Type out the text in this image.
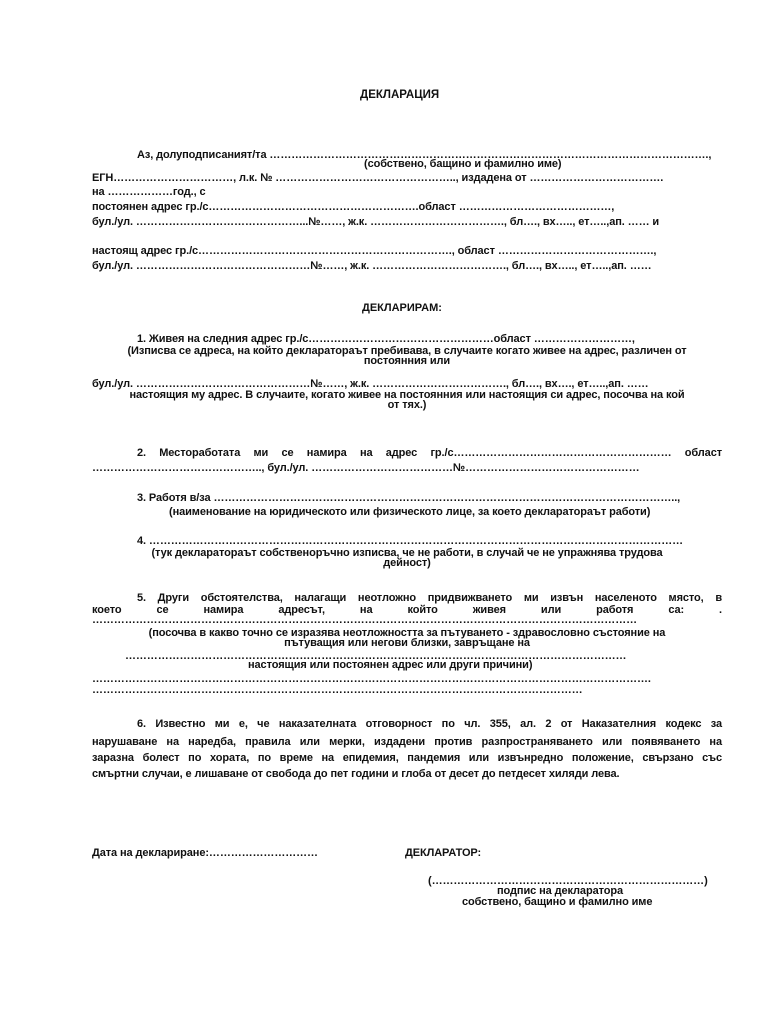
ДЕКЛАРАЦИЯ
Аз, долуподписаният/та ………………………………………………………………………………………………………….,
(собствено, бащино и фамилно име)
ЕГН……………………………, л.к. № ………………………………………….., издадена от ……………………………….
на ………………год., с
постоянен адрес гр./с………………………………………………….област ……………………………………,
бул./ул. ………………………………………...№……, ж.к. ………………………………., бл…., вх….., ет…..,ап. …… и
настоящ адрес гр./с……………………………………………………………., област …………………………………….,
бул./ул. …………………………………………№……, ж.к. ………………………………., бл…., вх….., ет…..,ап. ……
ДЕКЛАРИРАМ:
1. Живея на следния адрес гр./с……………………………………………област ………………………,
(Изписва се адреса, на който декларатораът пребивава, в случаите когато живее на адрес, различен от
постоянния или
бул./ул. …………………………………………№……, ж.к. ………………………………., бл…., вх…., ет…..,ап. ……
настоящия му адрес. В случаите, когато живее на постоянния или настоящия си адрес, посочва на кой
от тях.)
2. Месторaботата ми се намира на адрес гр./с…………………………………………………… област
……………………………………….., бул./ул. …………………………………№…………………………………………
3. Работя в/за ………………………………………………………………………………………………………………..,
(наименование на юридическото или физическото лице, за което декларатораът работи)
4. …………………………………………………………………………………………………………………………………
(тук декларатораът собственоръчно изписва, че не работи, в случай че не упражнява трудова
дейност)
5. Други обстоятелства, налагащи неотложно придвижването ми извън населеното място, в
което се намира адресът, на който живея или работя са: .
……………………………………………………………………………………………………………………………………
(посочва в какво точно се изразява неотложността за пътуването - здравословно състояние на
пътуващия или негови близки, завръщане на
…………………………………………………………………………………………………………………………
настоящия или постоянен адрес или други причини)
……………………………………………………………………………………………………………………………………….
………………………………………………………………………………………………………………………
6. Известно ми е, че наказателната отговорност по чл. 355, ал. 2 от Наказателния кодекс за
нарушаване на наредба, правила или мерки, издадени против разпространяването или появяването на
заразна болест по хората, по време на епидемия, пандемия или извънредно положение, свързано със
смъртни случаи, е лишаване от свобода до пет години и глоба от десет до петдесет хиляди лева.
Дата на деклариране:…………………………	ДЕКЛАРАТОР:
(…………………………………………………………………)
подпис на декларатора
собствено, бащино и фамилно име
